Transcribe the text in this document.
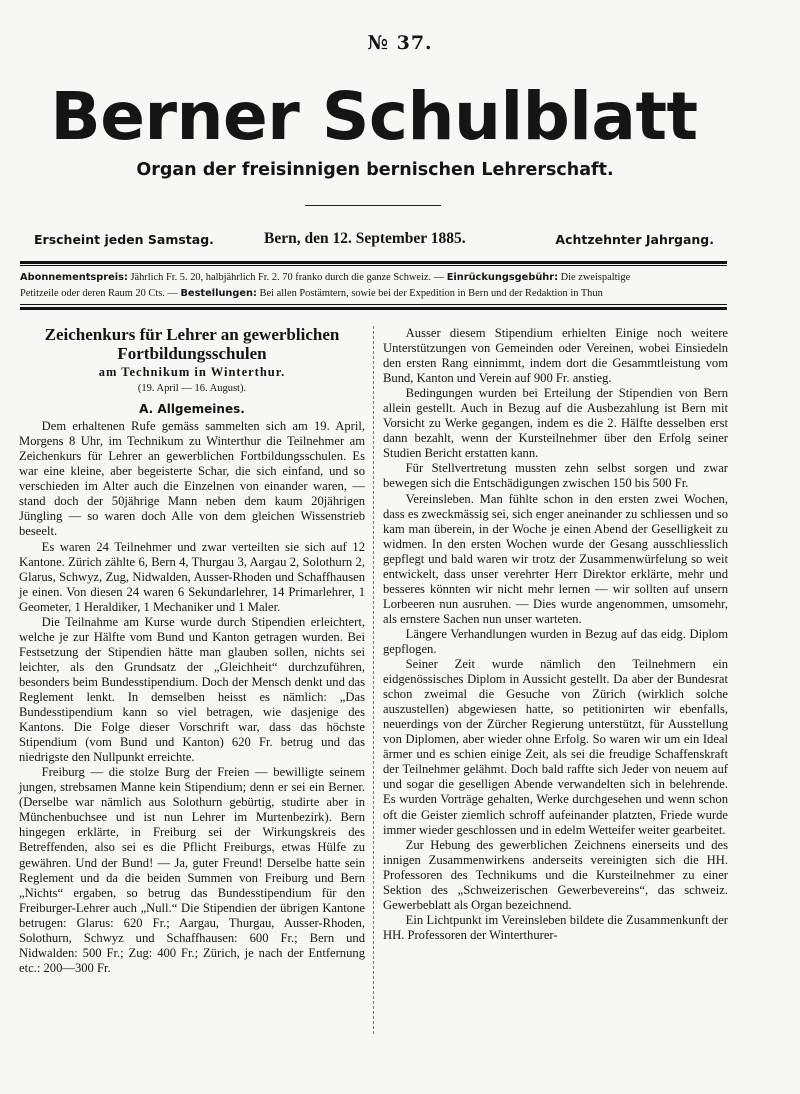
№ 37.
Berner Schulblatt
Organ der freisinnigen bernischen Lehrerschaft.
Erscheint jeden Samstag.	Bern, den 12. September 1885.	Achtzehnter Jahrgang.
Abonnementspreis: Jährlich Fr. 5. 20, halbjährlich Fr. 2. 70 franko durch die ganze Schweiz. — Einrückungsgebühr: Die zweispaltige
Petitzeile oder deren Raum 20 Cts. — Bestellungen: Bei allen Postämtern, sowie bei der Expedition in Bern und der Redaktion in Thun
Zeichenkurs für Lehrer an gewerblichen Fortbildungsschulen
am Technikum in Winterthur.
(19. April — 16. August).
A. Allgemeines.

Dem erhaltenen Rufe gemäss sammelten sich am 19. April, Morgens 8 Uhr, im Technikum zu Winterthur die Teilnehmer am Zeichenkurs für Lehrer an gewerblichen Fortbildungsschulen. Es war eine kleine, aber begeisterte Schar, die sich einfand, und so verschieden im Alter auch die Einzelnen von einander waren, — stand doch der 50jährige Mann neben dem kaum 20jährigen Jüngling — so waren doch Alle von dem gleichen Wissenstrieb beseelt.

Es waren 24 Teilnehmer und zwar verteilten sie sich auf 12 Kantone. Zürich zählte 6, Bern 4, Thurgau 3, Aargau 2, Solothurn 2, Glarus, Schwyz, Zug, Nidwalden, Ausser-Rhoden und Schaffhausen je einen. Von diesen 24 waren 6 Sekundarlehrer, 14 Primarlehrer, 1 Geometer, 1 Heraldiker, 1 Mechaniker und 1 Maler.

Die Teilnahme am Kurse wurde durch Stipendien erleichtert, welche je zur Hälfte vom Bund und Kanton getragen wurden. Bei Festsetzung der Stipendien hätte man glauben sollen, nichts sei leichter, als den Grundsatz der „Gleichheit“ durchzuführen, besonders beim Bundesstipendium. Doch der Mensch denkt und das Reglement lenkt. In demselben heisst es nämlich: „Das Bundesstipendium kann so viel betragen, wie dasjenige des Kantons. Die Folge dieser Vorschrift war, dass das höchste Stipendium (vom Bund und Kanton) 620 Fr. betrug und das niedrigste den Nullpunkt erreichte.

Freiburg — die stolze Burg der Freien — bewilligte seinem jungen, strebsamen Manne kein Stipendium; denn er sei ein Berner. (Derselbe war nämlich aus Solothurn gebürtig, studirte aber in Münchenbuchsee und ist nun Lehrer im Murtenbezirk). Bern hingegen erklärte, in Freiburg sei der Wirkungskreis des Betreffenden, also sei es die Pflicht Freiburgs, etwas Hülfe zu gewähren. Und der Bund! — Ja, guter Freund! Derselbe hatte sein Reglement und da die beiden Summen von Freiburg und Bern „Nichts“ ergaben, so betrug das Bundesstipendium für den Freiburger-Lehrer auch „Null.“ Die Stipendien der übrigen Kantone betrugen: Glarus: 620 Fr.; Aargau, Thurgau, Ausser-Rhoden, Solothurn, Schwyz und Schaffhausen: 600 Fr.; Bern und Nidwalden: 500 Fr.; Zug: 400 Fr.; Zürich, je nach der Entfernung etc.: 200—300 Fr.

Ausser diesem Stipendium erhielten Einige noch weitere Unterstützungen von Gemeinden oder Vereinen, wobei Einsiedeln den ersten Rang einnimmt, indem dort die Gesammtleistung vom Bund, Kanton und Verein auf 900 Fr. anstieg.

Bedingungen wurden bei Erteilung der Stipendien von Bern allein gestellt. Auch in Bezug auf die Ausbezahlung ist Bern mit Vorsicht zu Werke gegangen, indem es die 2. Hälfte desselben erst dann bezahlt, wenn der Kursteilnehmer über den Erfolg seiner Studien Bericht erstatten kann.

Für Stellvertretung mussten zehn selbst sorgen und zwar bewegen sich die Entschädigungen zwischen 150 bis 500 Fr.

Vereinsleben. Man fühlte schon in den ersten zwei Wochen, dass es zweckmässig sei, sich enger aneinander zu schliessen und so kam man überein, in der Woche je einen Abend der Geselligkeit zu widmen. In den ersten Wochen wurde der Gesang ausschliesslich gepflegt und bald waren wir trotz der Zusammenwürfelung so weit entwickelt, dass unser verehrter Herr Direktor erklärte, mehr und besseres könnten wir nicht mehr lernen — wir sollten auf unsern Lorbeeren nun ausruhen. — Dies wurde angenommen, umsomehr, als ernstere Sachen nun unser warteten.

Längere Verhandlungen wurden in Bezug auf das eidg. Diplom gepflogen.

Seiner Zeit wurde nämlich den Teilnehmern ein eidgenössisches Diplom in Aussicht gestellt. Da aber der Bundesrat schon zweimal die Gesuche von Zürich (wirklich solche auszustellen) abgewiesen hatte, so petitionirten wir ebenfalls, neuerdings von der Zürcher Regierung unterstützt, für Ausstellung von Diplomen, aber wieder ohne Erfolg. So waren wir um ein Ideal ärmer und es schien einige Zeit, als sei die freudige Schaffenskraft der Teilnehmer gelähmt. Doch bald raffte sich Jeder von neuem auf und sogar die geselligen Abende verwandelten sich in belehrende. Es wurden Vorträge gehalten, Werke durchgesehen und wenn schon oft die Geister ziemlich schroff aufeinander platzten, Friede wurde immer wieder geschlossen und in edelm Wetteifer weiter gearbeitet.

Zur Hebung des gewerblichen Zeichnens einerseits und des innigen Zusammenwirkens anderseits vereinigten sich die HH. Professoren des Technikums und die Kursteilnehmer zu einer Sektion des „Schweizerischen Gewerbevereins“, das schweiz. Gewerbeblatt als Organ bezeichnend.

Ein Lichtpunkt im Vereinsleben bildete die Zusammenkunft der HH. Professoren der Winterthurer-
